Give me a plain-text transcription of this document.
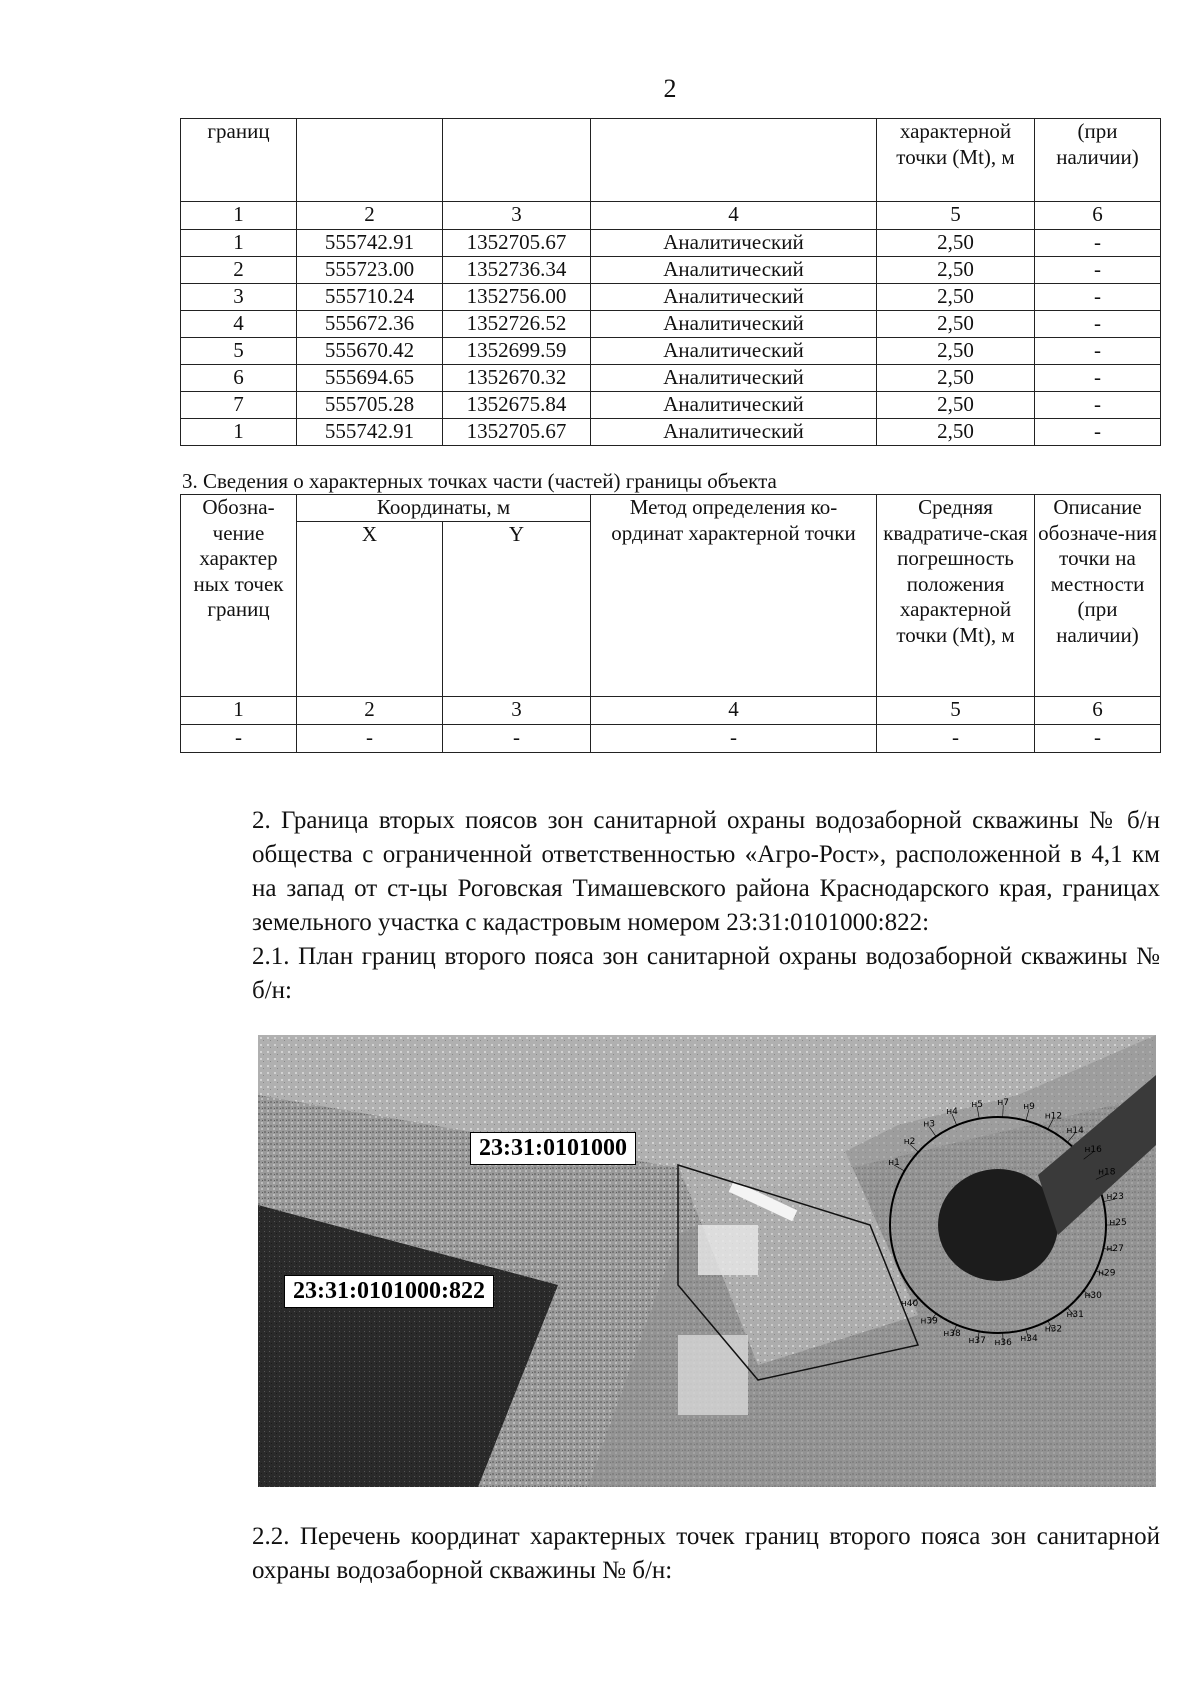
2
границ				характерной точки (Mt), м	(при наличии)
1	2	3	4	5	6
1	555742.91	1352705.67	Аналитический	2,50	-
2	555723.00	1352736.34	Аналитический	2,50	-
3	555710.24	1352756.00	Аналитический	2,50	-
4	555672.36	1352726.52	Аналитический	2,50	-
5	555670.42	1352699.59	Аналитический	2,50	-
6	555694.65	1352670.32	Аналитический	2,50	-
7	555705.28	1352675.84	Аналитический	2,50	-
1	555742.91	1352705.67	Аналитический	2,50	-
3. Сведения о характерных точках части (частей) границы объекта
Обозна-чение характер ных точек границ	Координаты, м		Метод определения ко-ординат характерной точки	Средняя квадратиче-ская погрешность положения характерной точки (Mt), м	Описание обозначе-ния точки на местности (при наличии)
	X	Y			
1	2	3	4	5	6
-	-	-	-	-	-
2. Граница вторых поясов зон санитарной охраны водозаборной скважины № б/н общества с ограниченной ответственностью «Агро-Рост», расположенной в 4,1 км на запад от ст-цы Роговская Тимашевского района Краснодарского края, границах земельного участка с кадастровым номером 23:31:0101000:822:
2.1. План границ второго пояса зон санитарной охраны водозаборной скважины № б/н:
н1
н2
н3
н4
н5 н7 н9
н12
н14
н16
н18
н23
н25
н27
н29
н30
н31
н32
н34
н36
н37
н38
н39
н40
23:31:0101000
23:31:0101000:822
2.2. Перечень координат характерных точек границ второго пояса зон санитарной охраны водозаборной скважины № б/н:
